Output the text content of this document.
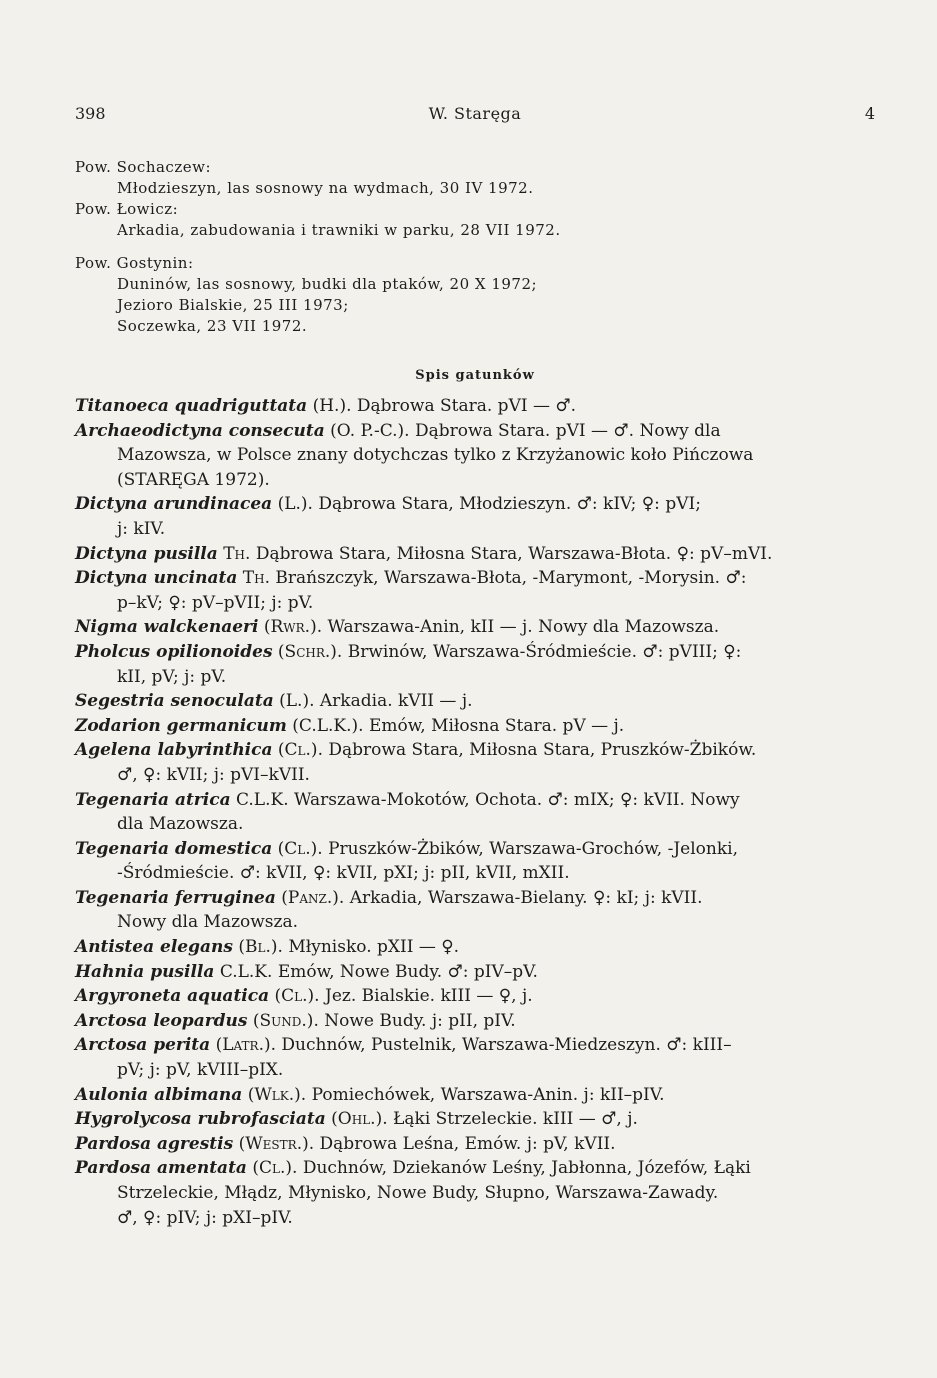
398	W. Staręga	4
Pow. Sochaczew:
Młodzieszyn, las sosnowy na wydmach, 30 IV 1972.
Pow. Łowicz:
Arkadia, zabudowania i trawniki w parku, 28 VII 1972.
Pow. Gostynin:
Duninów, las sosnowy, budki dla ptaków, 20 X 1972;
Jezioro Bialskie, 25 III 1973;
Soczewka, 23 VII 1972.
Spis gatunków
Titanoeca quadriguttata (H.). Dąbrowa Stara. pVI — ♂.
Archaeodictyna consecuta (O. P.-C.). Dąbrowa Stara. pVI — ♂. Nowy dla
Mazowsza, w Polsce znany dotychczas tylko z Krzyżanowic koło Pińczowa
(STARĘGA 1972).
Dictyna arundinacea (L.). Dąbrowa Stara, Młodzieszyn. ♂: kIV; ♀: pVI;
j: kIV.
Dictyna pusilla Th. Dąbrowa Stara, Miłosna Stara, Warszawa-Błota. ♀: pV–mVI.
Dictyna uncinata Th. Brańszczyk, Warszawa-Błota, -Marymont, -Morysin. ♂:
p–kV; ♀: pV–pVII; j: pV.
Nigma walckenaeri (Rwr.). Warszawa-Anin, kII — j. Nowy dla Mazowsza.
Pholcus opilionoides (Schr.). Brwinów, Warszawa-Śródmieście. ♂: pVIII; ♀:
kII, pV; j: pV.
Segestria senoculata (L.). Arkadia. kVII — j.
Zodarion germanicum (C.L.K.). Emów, Miłosna Stara. pV — j.
Agelena labyrinthica (Cl.). Dąbrowa Stara, Miłosna Stara, Pruszków-Żbików.
♂, ♀: kVII; j: pVI–kVII.
Tegenaria atrica C.L.K. Warszawa-Mokotów, Ochota. ♂: mIX; ♀: kVII. Nowy
dla Mazowsza.
Tegenaria domestica (Cl.). Pruszków-Żbików, Warszawa-Grochów, -Jelonki,
-Śródmieście. ♂: kVII, ♀: kVII, pXI; j: pII, kVII, mXII.
Tegenaria ferruginea (Panz.). Arkadia, Warszawa-Bielany. ♀: kI; j: kVII.
Nowy dla Mazowsza.
Antistea elegans (Bl.). Młynisko. pXII — ♀.
Hahnia pusilla C.L.K. Emów, Nowe Budy. ♂: pIV–pV.
Argyroneta aquatica (Cl.). Jez. Bialskie. kIII — ♀, j.
Arctosa leopardus (Sund.). Nowe Budy. j: pII, pIV.
Arctosa perita (Latr.). Duchnów, Pustelnik, Warszawa-Miedzeszyn. ♂: kIII–
pV; j: pV, kVIII–pIX.
Aulonia albimana (Wlk.). Pomiechówek, Warszawa-Anin. j: kII–pIV.
Hygrolycosa rubrofasciata (Ohl.). Łąki Strzeleckie. kIII — ♂, j.
Pardosa agrestis (Westr.). Dąbrowa Leśna, Emów. j: pV, kVII.
Pardosa amentata (Cl.). Duchnów, Dziekanów Leśny, Jabłonna, Józefów, Łąki
Strzeleckie, Młądz, Młynisko, Nowe Budy, Słupno, Warszawa-Zawady.
♂, ♀: pIV; j: pXI–pIV.
